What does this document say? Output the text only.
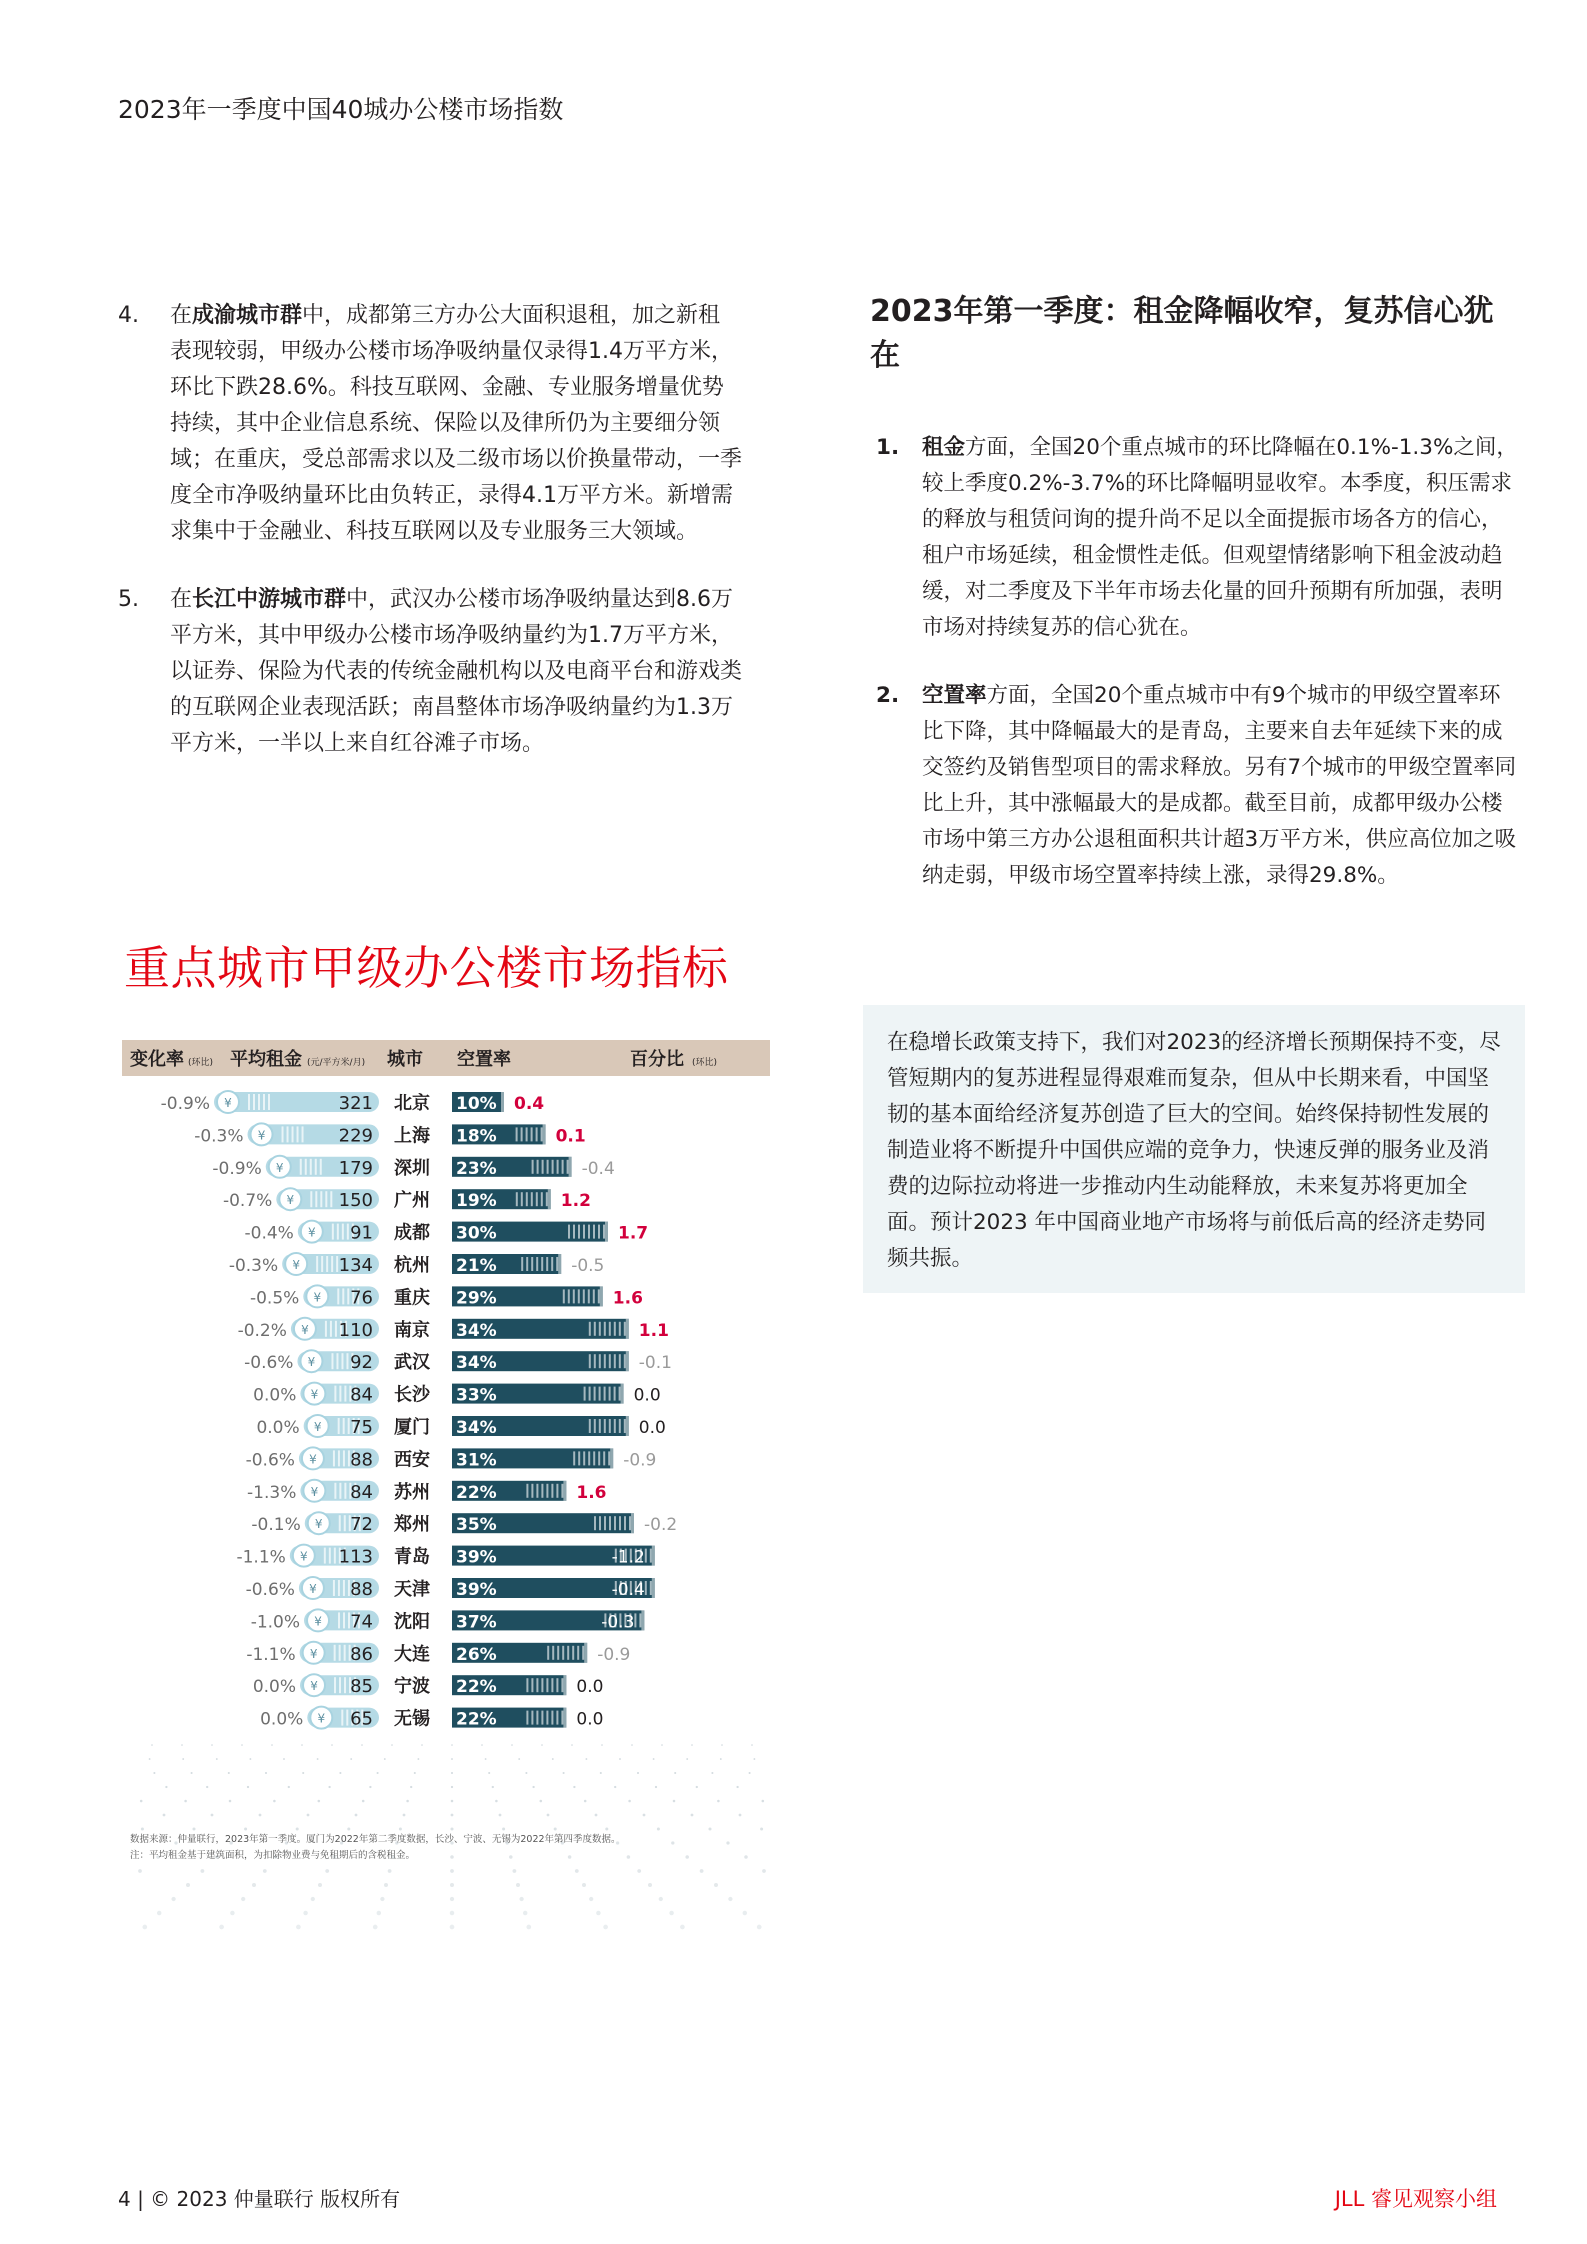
2023年一季度中国40城办公楼市场指数
4.	在成渝城市群中，成都第三方办公大面积退租，加之新租表现较弱，甲级办公楼市场净吸纳量仅录得1.4万平方米，环比下跌28.6%。科技互联网、金融、专业服务增量优势持续，其中企业信息系统、保险以及律所仍为主要细分领域；在重庆，受总部需求以及二级市场以价换量带动，一季度全市净吸纳量环比由负转正，录得4.1万平方米。新增需求集中于金融业、科技互联网以及专业服务三大领域。
5.	在长江中游城市群中，武汉办公楼市场净吸纳量达到8.6万平方米，其中甲级办公楼市场净吸纳量约为1.7万平方米，以证券、保险为代表的传统金融机构以及电商平台和游戏类的互联网企业表现活跃；南昌整体市场净吸纳量约为1.3万平方米，一半以上来自红谷滩子市场。
2023年第一季度：租金降幅收窄，复苏信心犹在
1.	租金方面，全国20个重点城市的环比降幅在0.1%-1.3%之间，较上季度0.2%-3.7%的环比降幅明显收窄。本季度，积压需求的释放与租赁问询的提升尚不足以全面提振市场各方的信心，租户市场延续，租金惯性走低。但观望情绪影响下租金波动趋缓，对二季度及下半年市场去化量的回升预期有所加强，表明市场对持续复苏的信心犹在。
2.	空置率方面，全国20个重点城市中有9个城市的甲级空置率环比下降，其中降幅最大的是青岛，主要来自去年延续下来的成交签约及销售型项目的需求释放。另有7个城市的甲级空置率同比上升，其中涨幅最大的是成都。截至目前，成都甲级办公楼市场中第三方办公退租面积共计超3万平方米，供应高位加之吸纳走弱，甲级市场空置率持续上涨，录得29.8%。
在稳增长政策支持下，我们对2023的经济增长预期保持不变，尽管短期内的复苏进程显得艰难而复杂，但从中长期来看，中国坚韧的基本面给经济复苏创造了巨大的空间。始终保持韧性发展的制造业将不断提升中国供应端的竞争力，快速反弹的服务业及消费的边际拉动将进一步推动内生动能释放，未来复苏将更加全面。预计2023 年中国商业地产市场将与前低后高的经济走势同频共振。
重点城市甲级办公楼市场指标
变化率 (环比) 平均租金 (元/平方米/月) 城市 空置率	百分比 (环比)
¥
-0.9%	321 北京 10% 0.4
¥
-0.3%	229 上海 18%	0.1
¥
-0.9%	179 深圳 23%	-0.4
¥
-0.7%	150 广州 19%	1.2
¥
-0.4%	91 成都 30%	1.7
¥
-0.3%	134 杭州 21%	-0.5
¥
-0.5%	76 重庆 29%	1.6
¥
-0.2%	110 南京 34%	1.1
¥
-0.6%	92 武汉 34%	-0.1
¥
0.0%	84 长沙 33%	0.0
¥
0.0%	75 厦门 34%	0.0
¥
-0.6%	88 西安 31%	-0.9
¥
-1.3%	84 苏州 22%	1.6
¥
-0.1%	72 郑州 35%	-0.2
¥
-1.1%	113 青岛 39%	-1.2
¥
-0.6%	88 天津 39%	-0.4
¥
-1.0%	74 沈阳 37%	-0.3
¥
-1.1%	86 大连 26%	-0.9
¥
0.0%	85 宁波 22%	0.0
¥
0.0%	65 无锡 22%	0.0
数据来源：仲量联行，2023年第一季度。厦门为2022年第二季度数据，长沙、宁波、无锡为2022年第四季度数据。
注：平均租金基于建筑面积，为扣除物业费与免租期后的含税租金。
4 | © 2023 仲量联行 版权所有	JLL 睿见观察小组
